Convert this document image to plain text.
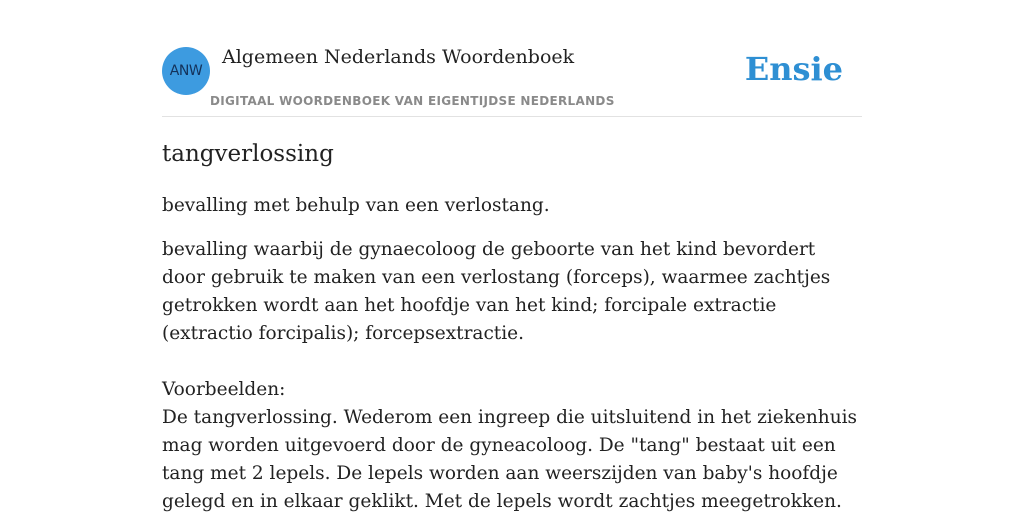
ANW
Algemeen Nederlands Woordenboek
DIGITAAL WOORDENBOEK VAN EIGENTIJDSE NEDERLANDS
Ensie
tangverlossing

bevalling met behulp van een verlostang.

bevalling waarbij de gynaecoloog de geboorte van het kind bevordert door gebruik te maken van een verlostang (forceps), waarmee zachtjes getrokken wordt aan het hoofdje van het kind; forcipale extractie (extractio forcipalis); forcepsextractie.

Voorbeelden:
De tangverlossing. Wederom een ingreep die uitsluitend in het ziekenhuis mag worden uitgevoerd door de gyneacoloog. De "tang" bestaat uit een tang met 2 lepels. De lepels worden aan weerszijden van baby's hoofdje gelegd en in elkaar geklikt. Met de lepels wordt zachtjes meegetrokken.
